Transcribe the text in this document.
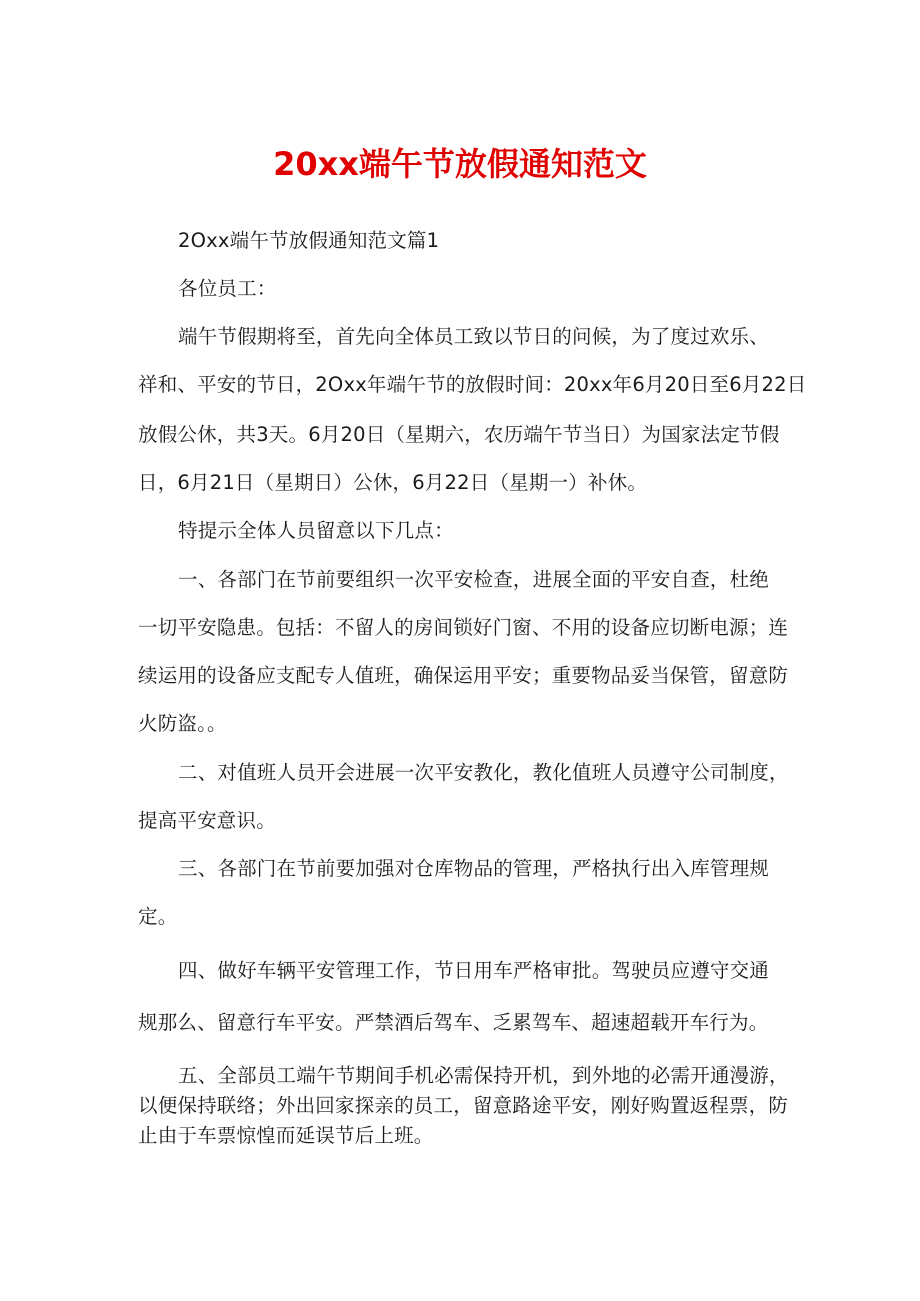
20xx端午节放假通知范文
2Oxx端午节放假通知范文篇1
各位员工：
端午节假期将至，首先向全体员工致以节日的问候，为了度过欢乐、
祥和、平安的节日，2Oxx年端午节的放假时间：20xx年6月20日至6月22日
放假公休，共3天。6月20日（星期六，农历端午节当日）为国家法定节假
日，6月21日（星期日）公休，6月22日（星期一）补休。
特提示全体人员留意以下几点：
一、各部门在节前要组织一次平安检查，进展全面的平安自查，杜绝
一切平安隐患。包括：不留人的房间锁好门窗、不用的设备应切断电源；连
续运用的设备应支配专人值班，确保运用平安；重要物品妥当保管，留意防
火防盗。。
二、对值班人员开会进展一次平安教化，教化值班人员遵守公司制度，
提高平安意识。
三、各部门在节前要加强对仓库物品的管理，严格执行出入库管理规
定。
四、做好车辆平安管理工作，节日用车严格审批。驾驶员应遵守交通
规那么、留意行车平安。严禁酒后驾车、乏累驾车、超速超载开车行为。
五、全部员工端午节期间手机必需保持开机，到外地的必需开通漫游，
以便保持联络；外出回家探亲的员工，留意路途平安，刚好购置返程票，防
止由于车票惊惶而延误节后上班。
